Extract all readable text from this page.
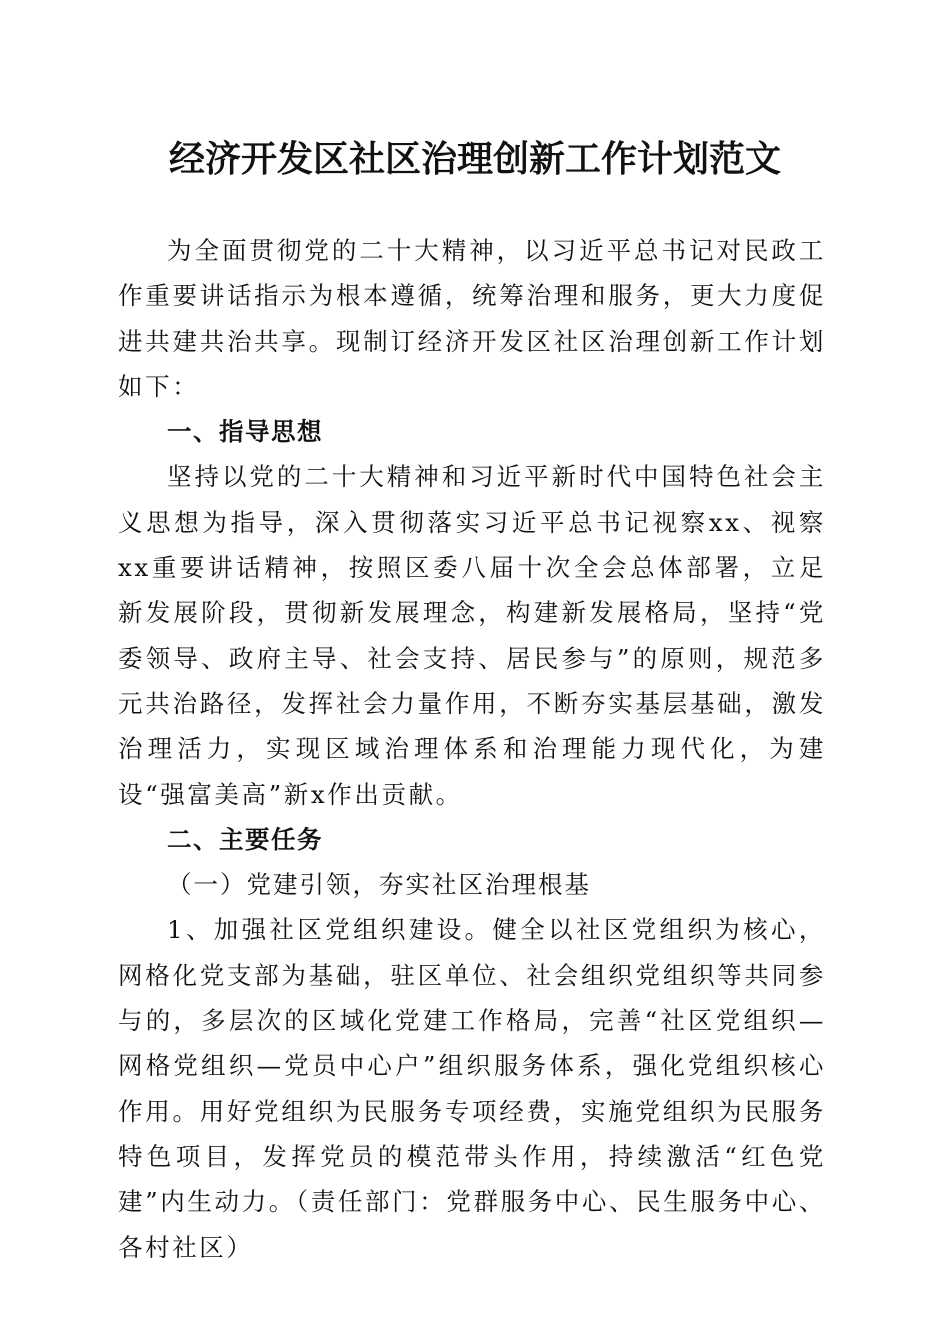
经济开发区社区治理创新工作计划范文

为全面贯彻党的二十大精神，以习近平总书记对民政工作重要讲话指示为根本遵循，统筹治理和服务，更大力度促进共建共治共享。现制订经济开发区社区治理创新工作计划如下：

一、指导思想

坚持以党的二十大精神和习近平新时代中国特色社会主义思想为指导，深入贯彻落实习近平总书记视察xx、视察xx重要讲话精神，按照区委八届十次全会总体部署，立足新发展阶段，贯彻新发展理念，构建新发展格局，坚持“党委领导、政府主导、社会支持、居民参与”的原则，规范多元共治路径，发挥社会力量作用，不断夯实基层基础，激发治理活力，实现区域治理体系和治理能力现代化，为建设“强富美高”新x作出贡献。

二、主要任务

（一）党建引领，夯实社区治理根基

1、加强社区党组织建设。健全以社区党组织为核心，网格化党支部为基础，驻区单位、社会组织党组织等共同参与的，多层次的区域化党建工作格局，完善“社区党组织—网格党组织—党员中心户”组织服务体系，强化党组织核心作用。用好党组织为民服务专项经费，实施党组织为民服务特色项目，发挥党员的模范带头作用，持续激活“红色党建”内生动力。（责任部门：党群服务中心、民生服务中心、各村社区）
